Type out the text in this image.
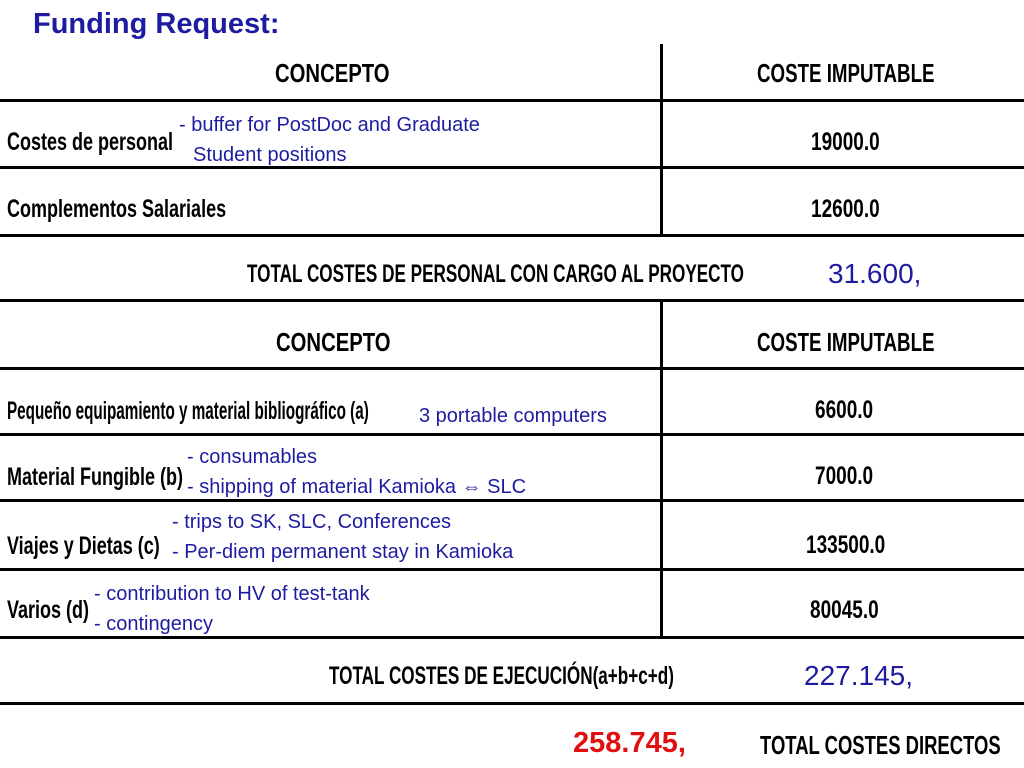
Funding Request:
CONCEPTO	COSTE IMPUTABLE
Costes de personal
- buffer for PostDoc and Graduate
Student positions	19000.0
Complementos Salariales	12600.0
TOTAL COSTES DE PERSONAL CON CARGO AL PROYECTO	31.600,
CONCEPTO	COSTE IMPUTABLE
Pequeño equipamiento y material bibliográfico (a)	3 portable computers	6600.0
Material Fungible (b)
- consumables
- shipping of material Kamioka ⇔ SLC	7000.0
Viajes y Dietas (c)
- trips to SK, SLC, Conferences
- Per-diem permanent stay in Kamioka	133500.0
Varios (d)
- contribution to HV of test-tank
- contingency	80045.0
TOTAL COSTES DE EJECUCIÓN(a+b+c+d)	227.145,
258.745,	TOTAL COSTES DIRECTOS
